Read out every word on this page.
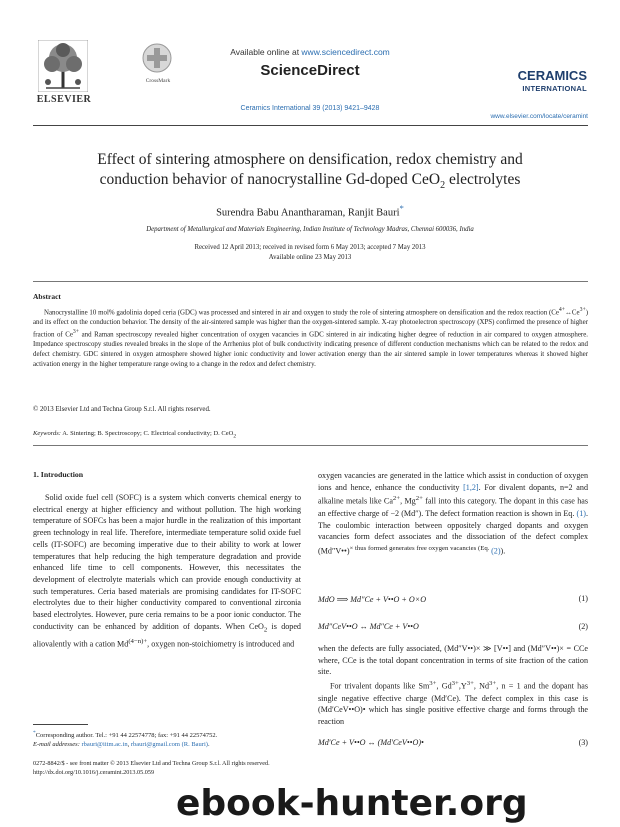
ELSEVIER
CrossMark
Available online at www.sciencedirect.com
ScienceDirect
Ceramics International 39 (2013) 9421–9428
CERAMICS
INTERNATIONAL
www.elsevier.com/locate/ceramint
Effect of sintering atmosphere on densification, redox chemistry and
conduction behavior of nanocrystalline Gd-doped CeO$_2$ electrolytes
Surendra Babu Anantharaman, Ranjit Bauri*
Department of Metallurgical and Materials Engineering, Indian Institute of Technology Madras, Chennai 600036, India
Received 12 April 2013; received in revised form 6 May 2013; accepted 7 May 2013
Available online 23 May 2013
Abstract
Nanocrystalline 10 mol% gadolinia doped ceria (GDC) was processed and sintered in air and oxygen to study the role of sintering atmosphere on densification and the redox reaction $(Ce^{4+}\leftrightarrow Ce^{3+})$ and its effect on the conduction behavior. The density of the air-sintered sample was higher than the oxygen-sintered sample. X-ray photoelectron spectroscopy (XPS) confirmed the presence of higher fraction of $Ce^{3+}$ and Raman spectroscopy revealed higher concentration of oxygen vacancies in GDC sintered in air indicating higher degree of reduction in air compared to oxygen atmosphere. Impedance spectroscopy studies revealed breaks in the slope of the Arrhenius plot of bulk conductivity indicating presence of different conduction mechanisms which can be related to the redox and defect chemistry. GDC sintered in oxygen atmosphere showed higher ionic conductivity and lower activation energy than the air sintered sample in lower temperatures whereas it showed higher activation energy in the higher temperature range owing to a change in the redox and defect chemistry.
© 2013 Elsevier Ltd and Techna Group S.r.l. All rights reserved.
Keywords: A. Sintering; B. Spectroscopy; C. Electrical conductivity; D. CeO$_2$
1. Introduction
Solid oxide fuel cell (SOFC) is a system which converts chemical energy to electrical energy at higher efficiency and without pollution. The high working temperature of SOFCs has been a major hurdle in the realization of this important green technology in real life. Therefore, intermediate temperature solid oxide fuel cells (IT-SOFC) are becoming imperative due to their ability to work at lower temperatures that help reducing the high temperature degradation and provide enhanced life time to cell components. However, this necessitates the development of electrolyte materials which can provide enough conductivity at such temperatures. Ceria based materials are promising candidates for IT-SOFC electrolytes due to their higher conductivity compared to conventional zirconia based electrolytes. However, pure ceria remains to be a poor ionic conductor. The conductivity can be enhanced by addition of dopants. When CeO$_2$ is doped aliovalently with a cation $Md^{(4-n)+}$, oxygen non-stoichiometry is introduced and
oxygen vacancies are generated in the lattice which assist in conduction of oxygen ions and hence, enhance the conductivity [1,2]. For divalent dopants, n=2 and alkaline metals like $Ca^{2+}$, $Mg^{2+}$ fall into this category. The dopant in this case has an effective charge of −2 (Md″). The defect formation reaction is shown in Eq. (1). The coulombic interaction between oppositely charged dopants and oxygen vacancies form defect associates and the dissociation of the defect complex (Md″V••)$^{\times thus formed generates free oxygen vacancies (Eq.}$ (2)).
MdO ⟹ Md″Ce + V••O + O×O	(1)
Md″CeV••O ↔ Md″Ce + V••O	(2)

when the defects are fully associated, (Md″V••)× ≫ [V••] and (Md″V••)× = CCe where, CCe is the total dopant concentration in terms of site fraction of the cation site.

For trivalent dopants like $Sm^{3+}$, $Gd^{3+},Y^{3+}$, $Nd^{3+}$, n = 1 and the dopant has single negative effective charge (Md′Ce). The defect complex in this case is (Md′CeV••O)• which has single positive effective charge and forms through the reaction

Md′Ce + V••O ↔ (Md′CeV••O)•	(3)
*Corresponding author. Tel.: +91 44 22574778; fax: +91 44 22574752.
E-mail addresses: rbauri@iitm.ac.in, rbauri@gmail.com (R. Bauri).
0272-8842/$ - see front matter © 2013 Elsevier Ltd and Techna Group S.r.l. All rights reserved.
http://dx.doi.org/10.1016/j.ceramint.2013.05.059
ebook-hunter.org
